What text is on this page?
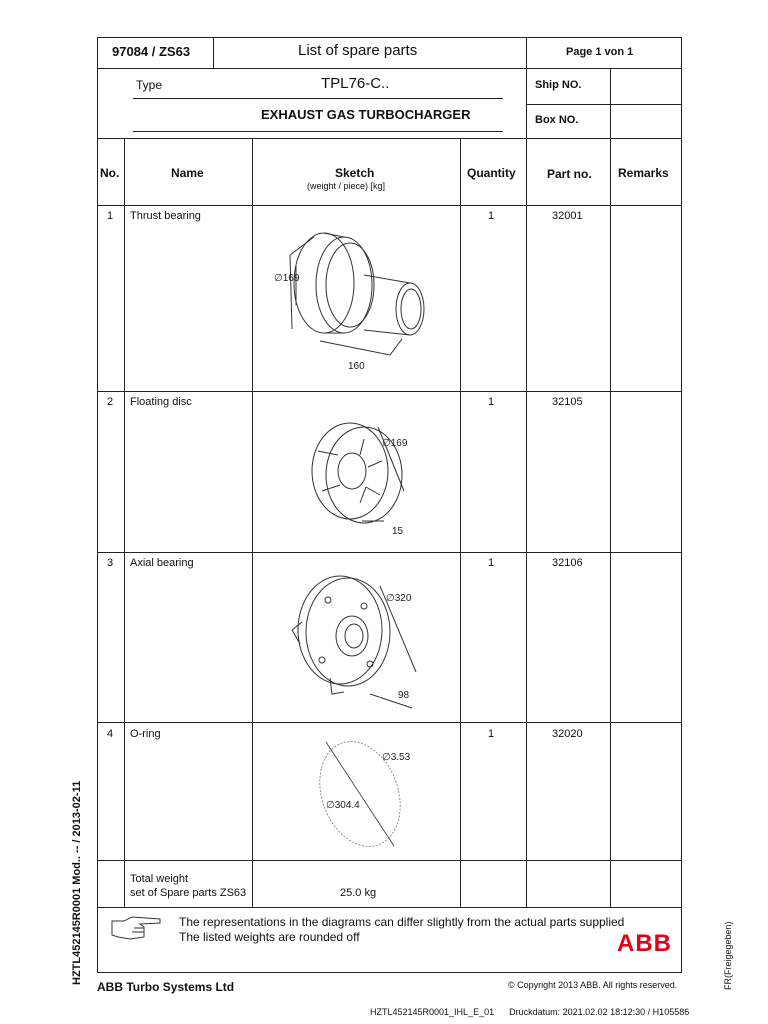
97084 / ZS63	List of spare parts	Page 1 von 1
Type	TPL76-C..
EXHAUST GAS TURBOCHARGER
Ship NO.
Box NO.
No.	Name	Sketch
(weight / piece) [kg]
Quantity	Part no. Remarks
1 Thrust bearing	1	32001
2 Floating disc	1	32105
3 Axial bearing	1	32106
4 O-ring	1	32020
Total weight
set of Spare parts ZS63	25.0 kg
∅169
160
∅169
15
∅320
98
∅3.53
∅304.4
The representations in the diagrams can differ slightly from the actual parts supplied
The listed weights are rounded off	ABB
ABB Turbo Systems Ltd	© Copyright 2013 ABB. All rights reserved.
HZTL452145R0001_IHL_E_01      Druckdatum: 2021.02.02 18:12:30 / H105586
HZTL452145R0001 Mod.. -- / 2013-02-11	FR(Freigegeben)
